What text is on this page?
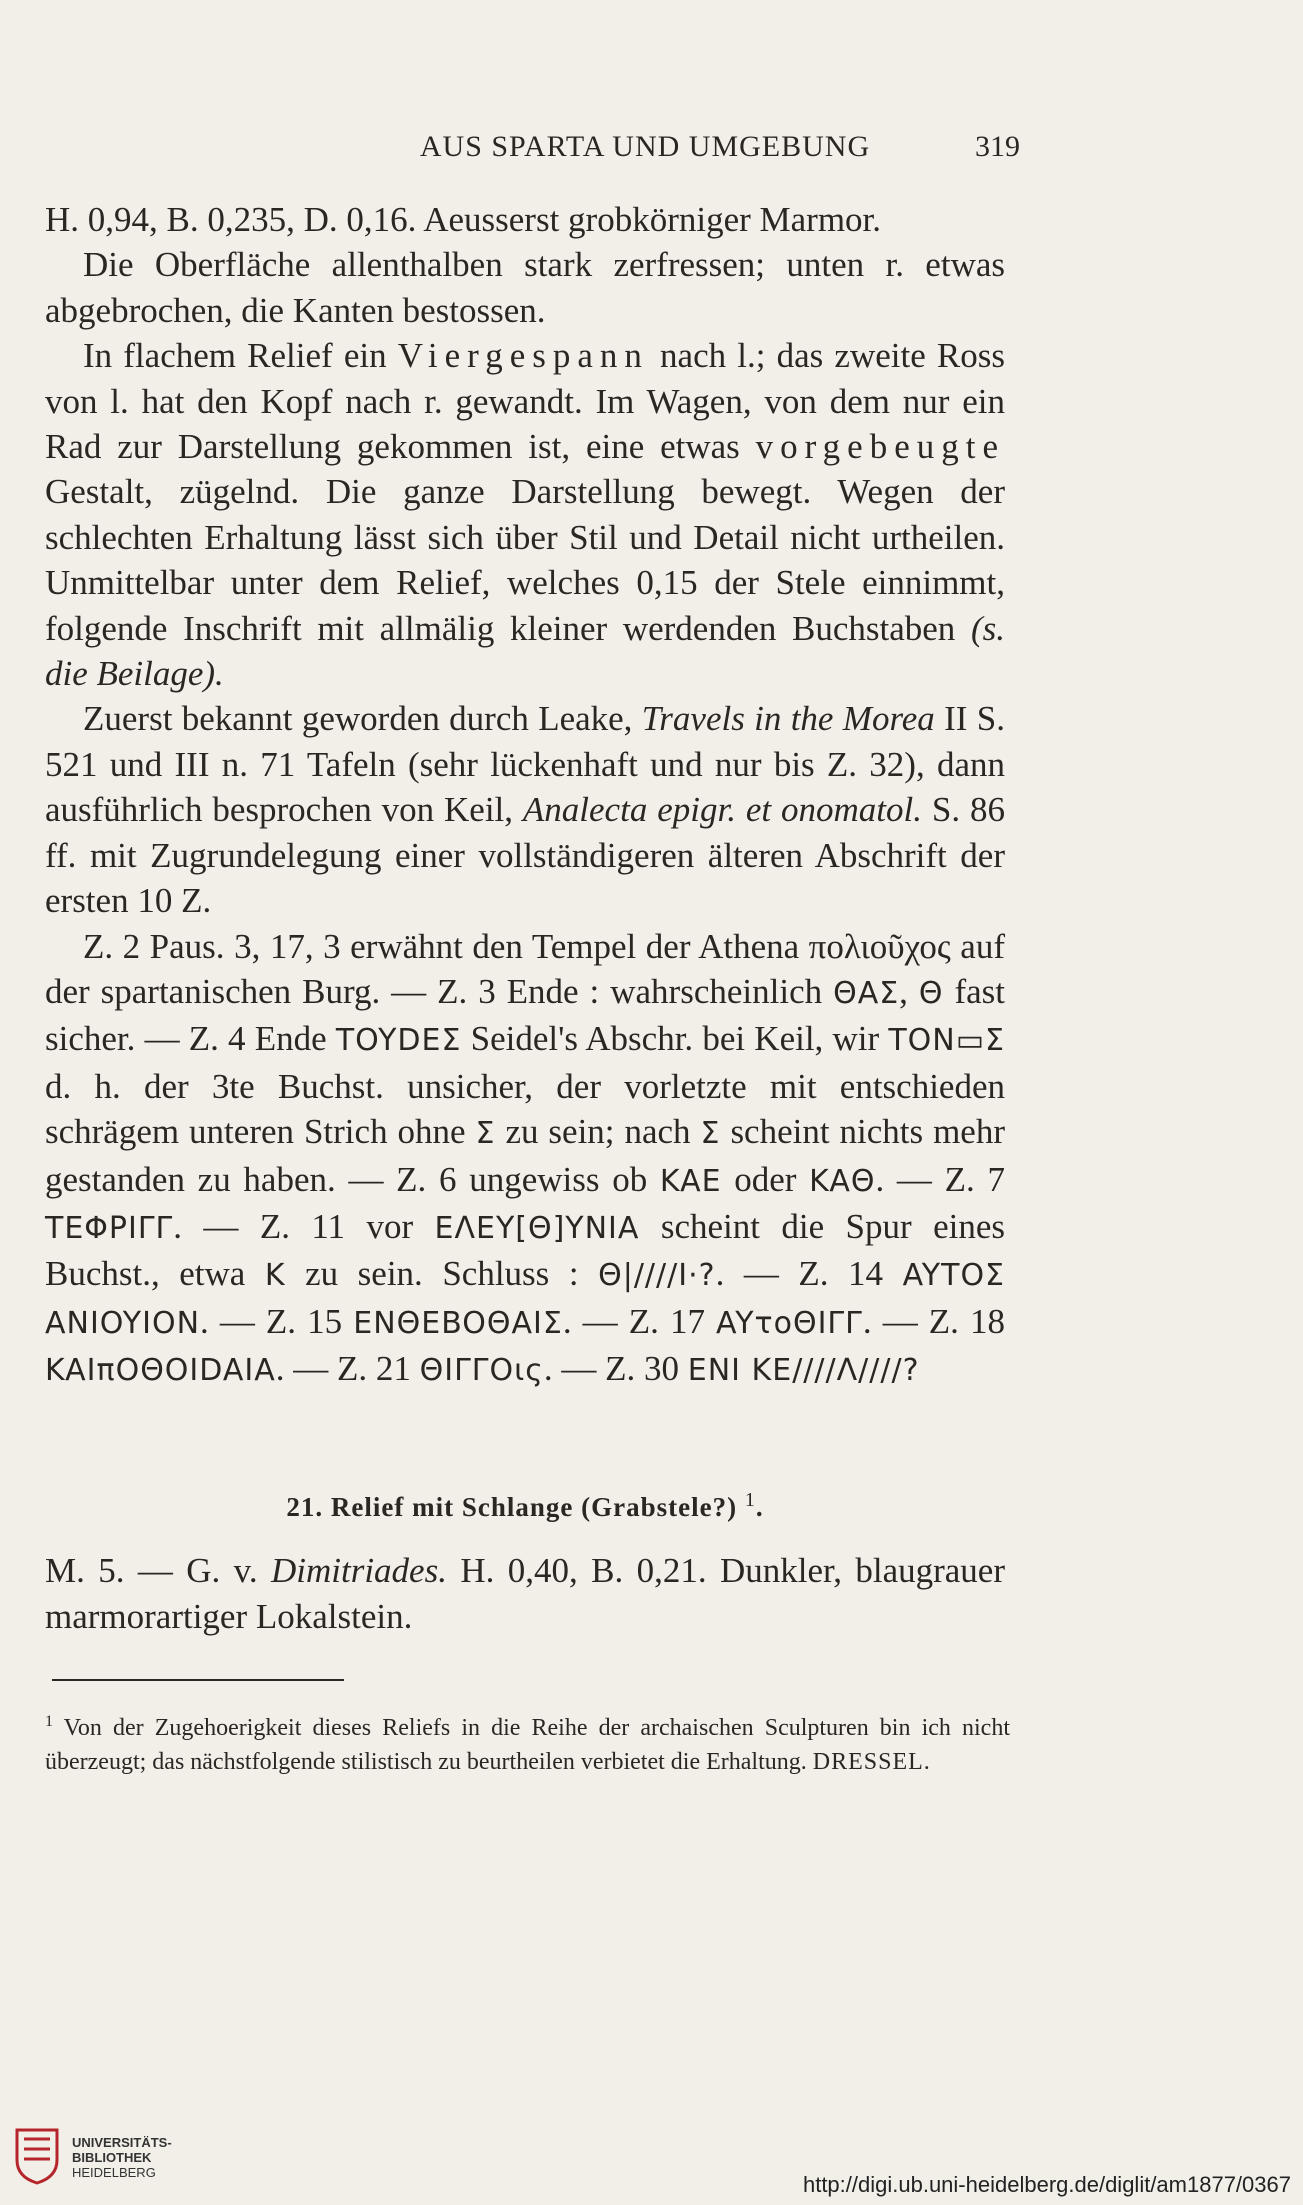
AUS SPARTA UND UMGEBUNG	319

H. 0,94, B. 0,235, D. 0,16. Aeusserst grobkörniger Marmor.

Die Oberfläche allenthalben stark zerfressen; unten r. etwas abgebrochen, die Kanten bestossen.

In flachem Relief ein Viergespann nach l.; das zweite Ross von l. hat den Kopf nach r. gewandt. Im Wagen, von dem nur ein Rad zur Darstellung gekommen ist, eine etwas vorgebeugte Gestalt, zügelnd. Die ganze Darstellung bewegt. Wegen der schlechten Erhaltung lässt sich über Stil und Detail nicht urtheilen. Unmittelbar unter dem Relief, welches 0,15 der Stele einnimmt, folgende Inschrift mit allmälig kleiner werdenden Buchstaben (s. die Beilage).

Zuerst bekannt geworden durch Leake, Travels in the Morea II S. 521 und III n. 71 Tafeln (sehr lückenhaft und nur bis Z. 32), dann ausführlich besprochen von Keil, Analecta epigr. et onomatol. S. 86 ff. mit Zugrundelegung einer vollständigeren älteren Abschrift der ersten 10 Z.

Z. 2 Paus. 3, 17, 3 erwähnt den Tempel der Athena πολιοῦχος auf der spartanischen Burg. — Z. 3 Ende : wahrscheinlich ΘΑΣ, Θ fast sicher. — Z. 4 Ende TOYDEΣ Seidel's Abschr. bei Keil, wir TON▭Σ d. h. der 3te Buchst. unsicher, der vorletzte mit entschieden schrägem unteren Strich ohne Σ zu sein; nach Σ scheint nichts mehr gestanden zu haben. — Z. 6 ungewiss ob KAE oder KAΘ. — Z. 7 TEΦPIΓΓ. — Z. 11 vor EΛEY[Θ]YNIA scheint die Spur eines Buchst., etwa K zu sein. Schluss : Θ|////I·?. — Z. 14 AYTOΣ ANIOYION. — Z. 15 ENΘEBOΘAIΣ. — Z. 17 AYτοΘIΓΓ. — Z. 18 KAIπOΘOIDAIA. — Z. 21 ΘIΓΓOις. — Z. 30 ENI KE////Λ////?

21. Relief mit Schlange (Grabstele?) $^1$.
M. 5. — G. v. Dimitriades. H. 0,40, B. 0,21. Dunkler, blaugrauer marmorartiger Lokalstein.
$^1$ Von der Zugehoerigkeit dieses Reliefs in die Reihe der archaischen Sculpturen bin ich nicht überzeugt; das nächstfolgende stilistisch zu beurtheilen verbietet die Erhaltung. DRESSEL.
UNIVERSITÄTS-
BIBLIOTHEK
HEIDELBERG	http://digi.ub.uni-heidelberg.de/diglit/am1877/0367
